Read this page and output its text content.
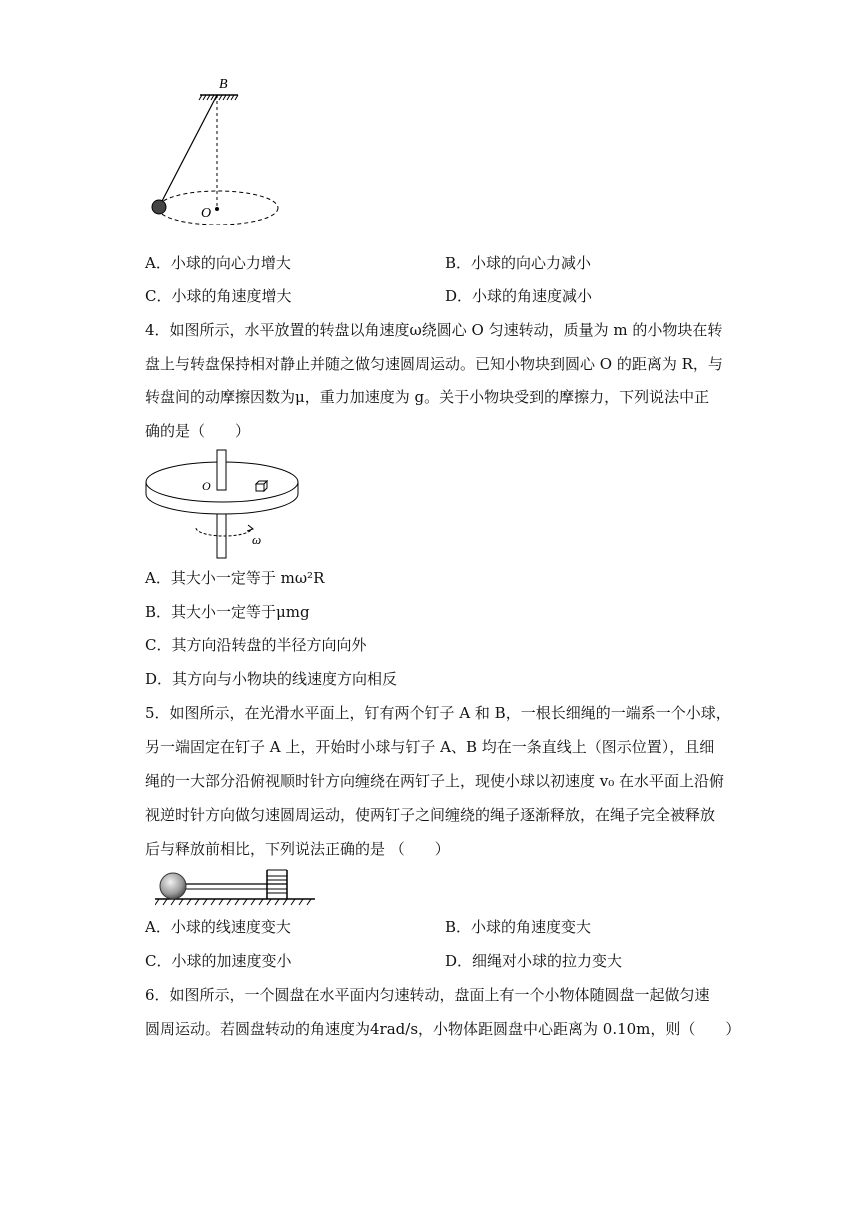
B
O
A．小球的向心力增大	B．小球的向心力减小
C．小球的角速度增大	D．小球的角速度减小
4．如图所示，水平放置的转盘以角速度ω绕圆心 O 匀速转动，质量为 m 的小物块在转
盘上与转盘保持相对静止并随之做匀速圆周运动。已知小物块到圆心 O 的距离为 R，与
转盘间的动摩擦因数为μ，重力加速度为 g。关于小物块受到的摩擦力，下列说法中正
确的是（　　）
O
ω
A．其大小一定等于 mω²R
B．其大小一定等于μmg
C．其方向沿转盘的半径方向向外
D．其方向与小物块的线速度方向相反
5．如图所示，在光滑水平面上，钉有两个钉子 A 和 B，一根长细绳的一端系一个小球，
另一端固定在钉子 A 上，开始时小球与钉子 A、B 均在一条直线上（图示位置），且细
绳的一大部分沿俯视顺时针方向缠绕在两钉子上，现使小球以初速度 v₀ 在水平面上沿俯
视逆时针方向做匀速圆周运动，使两钉子之间缠绕的绳子逐渐释放，在绳子完全被释放
后与释放前相比，下列说法正确的是 （　　）
A．小球的线速度变大	B．小球的角速度变大
C．小球的加速度变小	D．细绳对小球的拉力变大
6．如图所示，一个圆盘在水平面内匀速转动，盘面上有一个小物体随圆盘一起做匀速
圆周运动。若圆盘转动的角速度为4rad/s，小物体距圆盘中心距离为 0.10m，则（　　）
